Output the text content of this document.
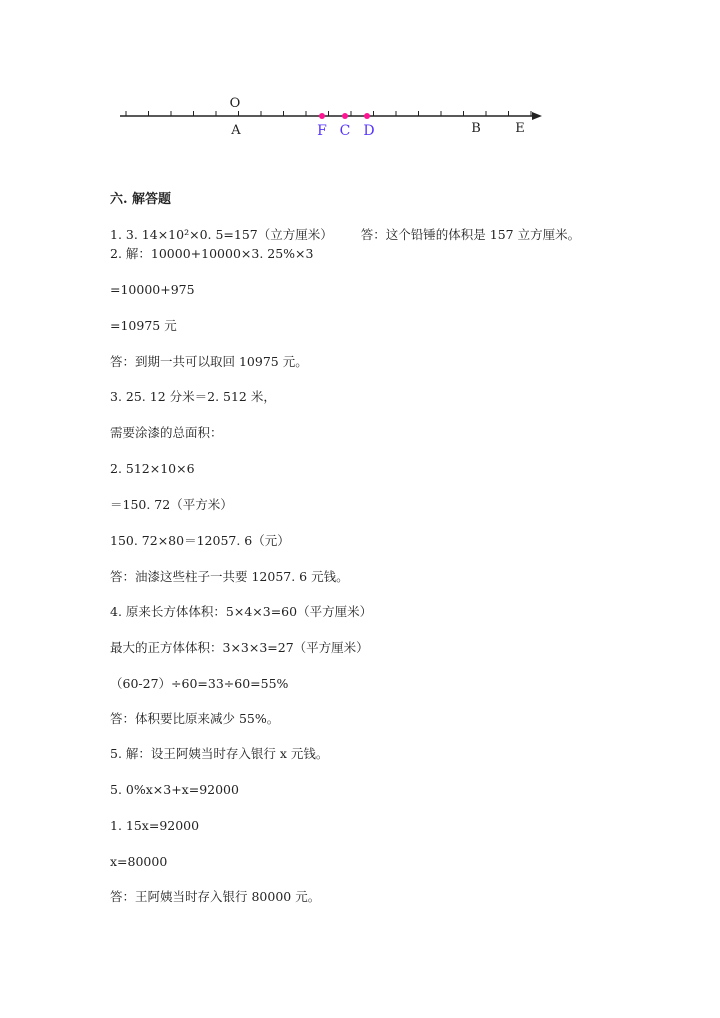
O
A	F C D	B	E
六. 解答题

1. 3. 14×10²×0. 5=157（立方厘米） 答：这个铅锤的体积是 157 立方厘米。

2. 解：10000+10000×3. 25%×3

=10000+975

=10975 元

答：到期一共可以取回 10975 元。

3. 25. 12 分米＝2. 512 米，

需要涂漆的总面积：

2. 512×10×6

＝150. 72（平方米）

150. 72×80＝12057. 6（元）

答：油漆这些柱子一共要 12057. 6 元钱。

4. 原来长方体体积：5×4×3=60（平方厘米）

最大的正方体体积：3×3×3=27（平方厘米）

（60-27）÷60=33÷60=55%

答：体积要比原来减少 55%。

5. 解：设王阿姨当时存入银行 x 元钱。

5. 0%x×3+x=92000

1. 15x=92000

x=80000

答：王阿姨当时存入银行 80000 元。
